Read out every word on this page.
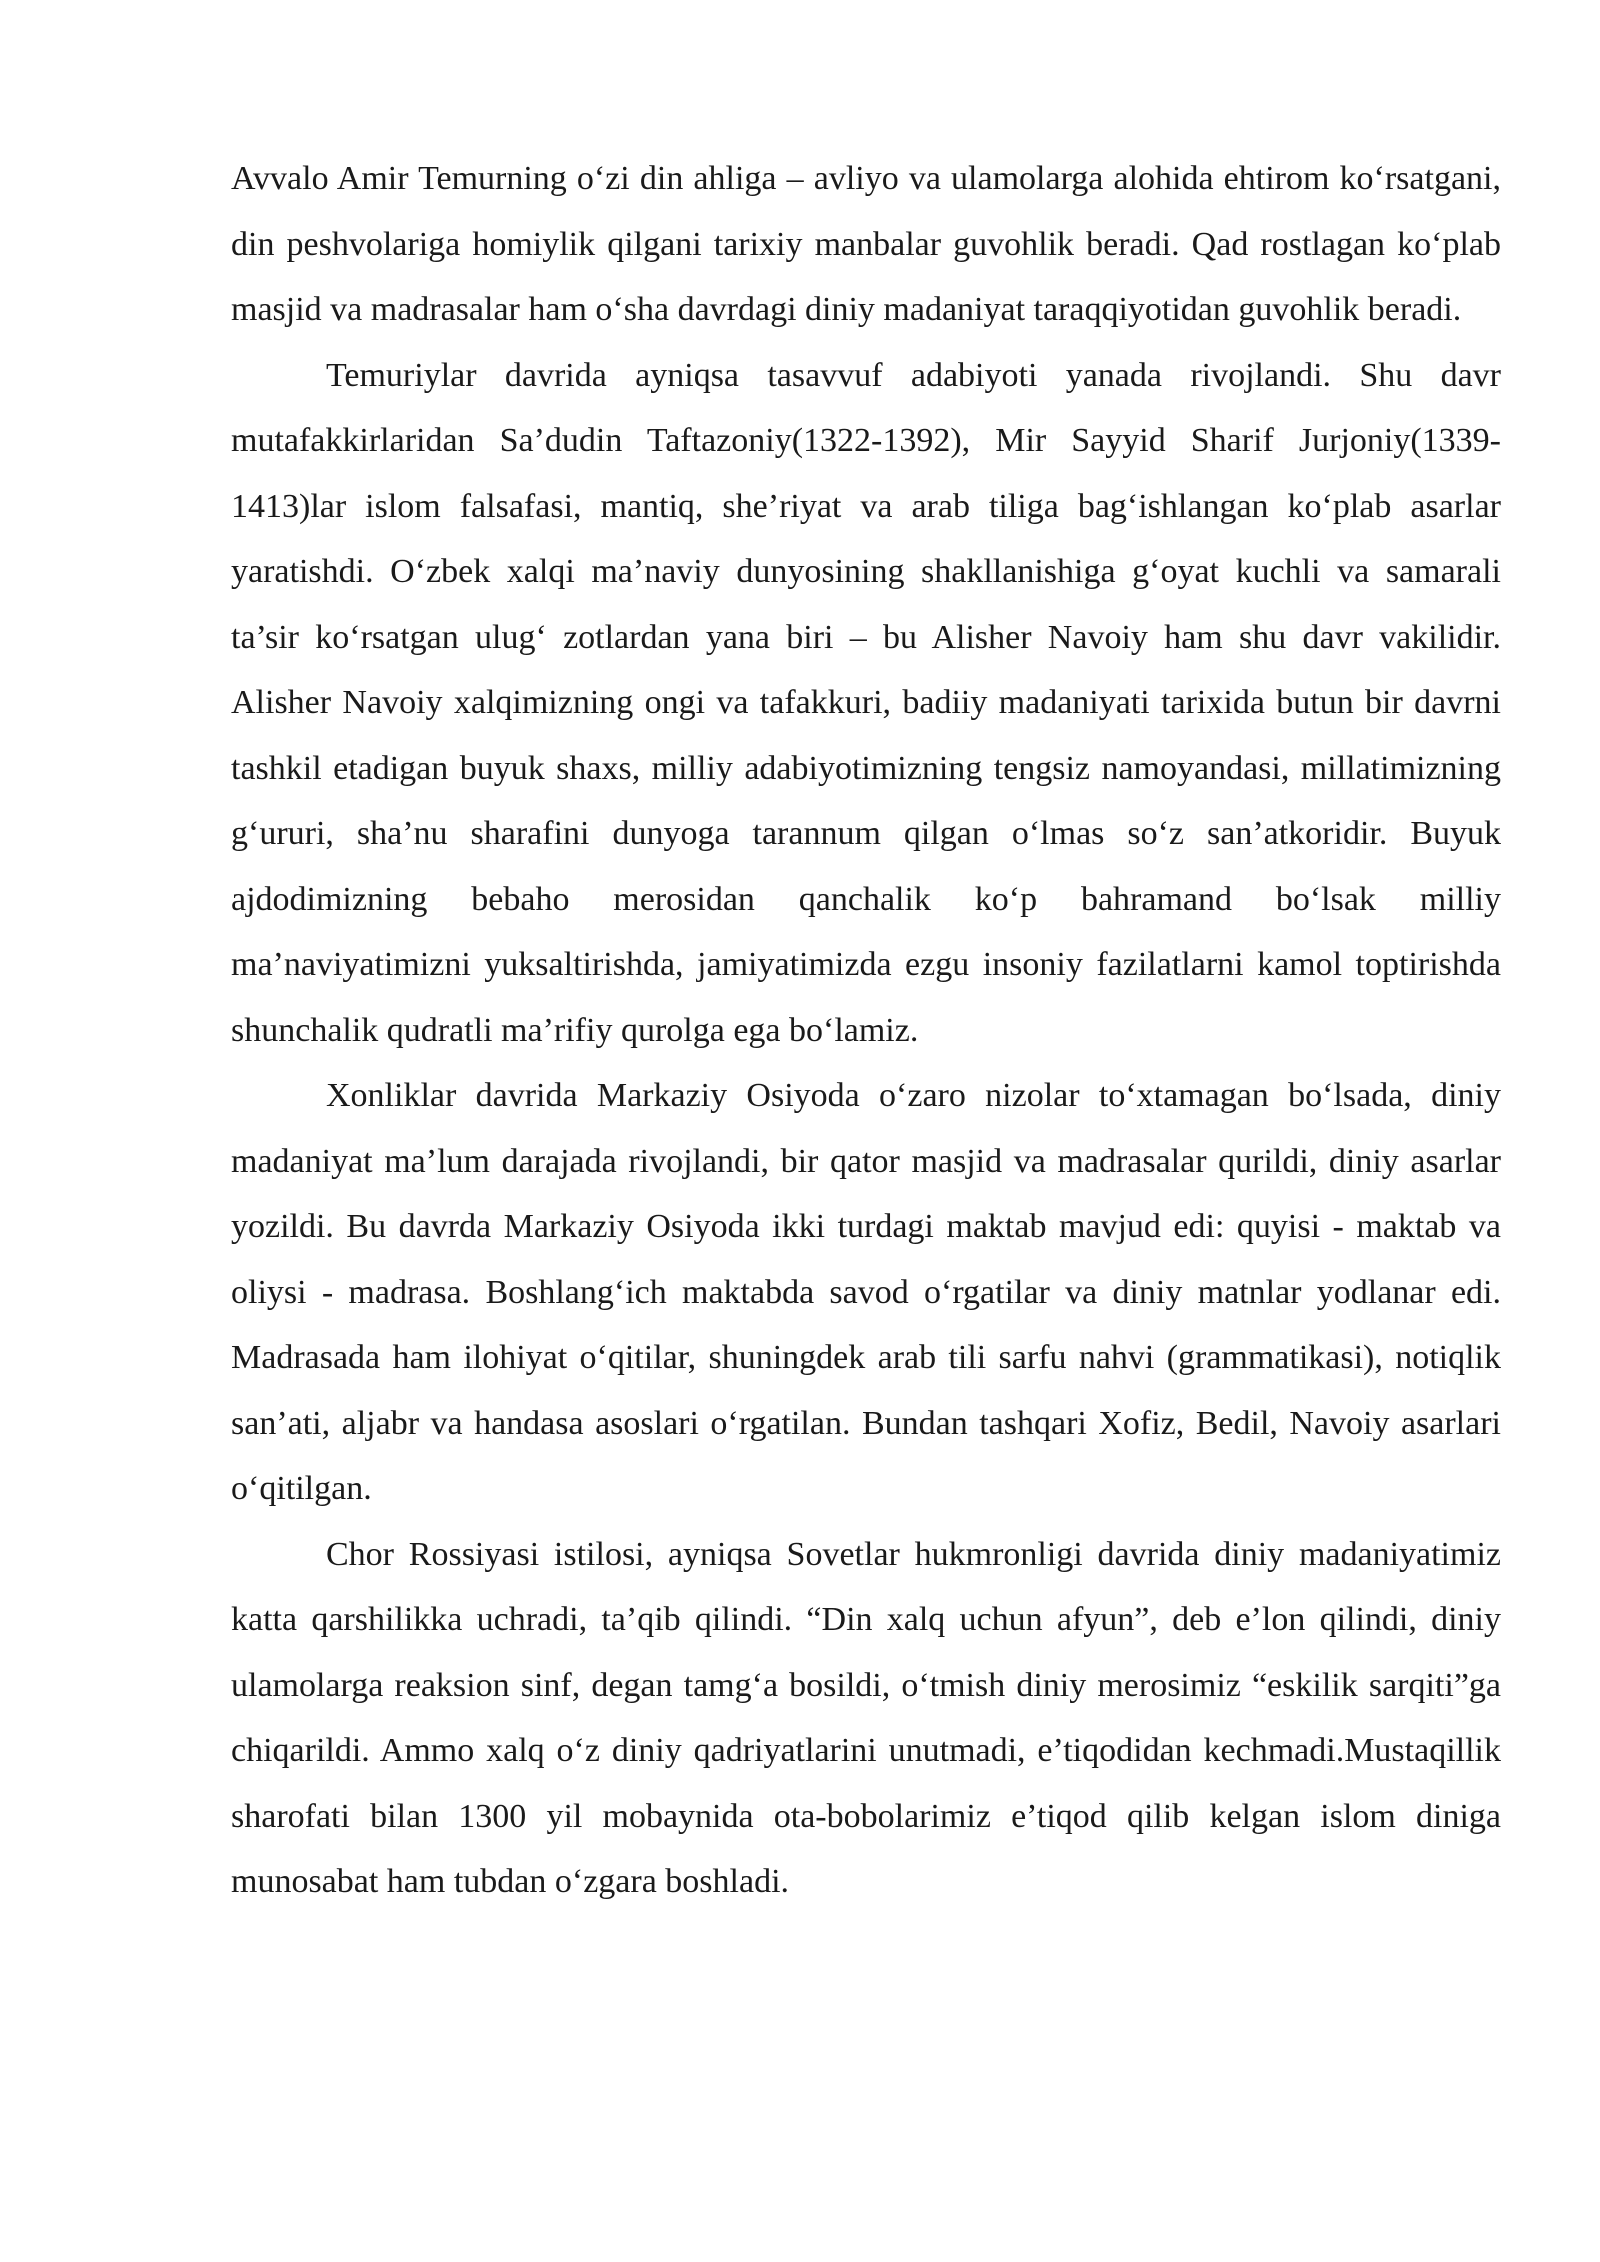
Avvalo Amir Temurning o‘zi din ahliga – avliyo va ulamolarga alohida ehtirom ko‘rsatgani, din peshvolariga homiylik qilgani tarixiy manbalar guvohlik beradi. Qad rostlagan ko‘plab masjid va madrasalar ham o‘sha davrdagi diniy madaniyat taraqqiyotidan guvohlik beradi.

Temuriylar davrida ayniqsa tasavvuf adabiyoti yanada rivojlandi. Shu davr mutafakkirlaridan Sa’dudin Taftazoniy(1322-1392), Mir Sayyid Sharif Jurjoniy(1339-1413)lar islom falsafasi, mantiq, she’riyat va arab tiliga bag‘ishlangan ko‘plab asarlar yaratishdi. O‘zbek xalqi ma’naviy dunyosining shakllanishiga g‘oyat kuchli va samarali ta’sir ko‘rsatgan ulug‘ zotlardan yana biri – bu Alisher Navoiy ham shu davr vakilidir. Alisher Navoiy xalqimizning ongi va tafakkuri, badiiy madaniyati tarixida butun bir davrni tashkil etadigan buyuk shaxs, milliy adabiyotimizning tengsiz namoyandasi, millatimizning g‘ururi, sha’nu sharafini dunyoga tarannum qilgan o‘lmas so‘z san’atkoridir. Buyuk ajdodimizning bebaho merosidan qanchalik ko‘p bahramand bo‘lsak milliy ma’naviyatimizni yuksaltirishda, jamiyatimizda ezgu insoniy fazilatlarni kamol toptirishda shunchalik qudratli ma’rifiy qurolga ega bo‘lamiz.

Xonliklar davrida Markaziy Osiyoda o‘zaro nizolar to‘xtamagan bo‘lsada, diniy madaniyat ma’lum darajada rivojlandi, bir qator masjid va madrasalar qurildi, diniy asarlar yozildi. Bu davrda Markaziy Osiyoda ikki turdagi maktab mavjud edi: quyisi - maktab va oliysi - madrasa. Boshlang‘ich maktabda savod o‘rgatilar va diniy matnlar yodlanar edi. Madrasada ham ilohiyat o‘qitilar, shuningdek arab tili sarfu nahvi (grammatikasi), notiqlik san’ati, aljabr va handasa asoslari o‘rgatilan. Bundan tashqari Xofiz, Bedil, Navoiy asarlari o‘qitilgan.

Chor Rossiyasi istilosi, ayniqsa Sovetlar hukmronligi davrida diniy madaniyatimiz katta qarshilikka uchradi, ta’qib qilindi. “Din xalq uchun afyun”, deb e’lon qilindi, diniy ulamolarga reaksion sinf, degan tamg‘a bosildi, o‘tmish diniy merosimiz “eskilik sarqiti”ga chiqarildi. Ammo xalq o‘z diniy qadriyatlarini unutmadi, e’tiqodidan kechmadi.Mustaqillik sharofati bilan 1300 yil mobaynida ota-bobolarimiz e’tiqod qilib kelgan islom diniga munosabat ham tubdan o‘zgara boshladi.
